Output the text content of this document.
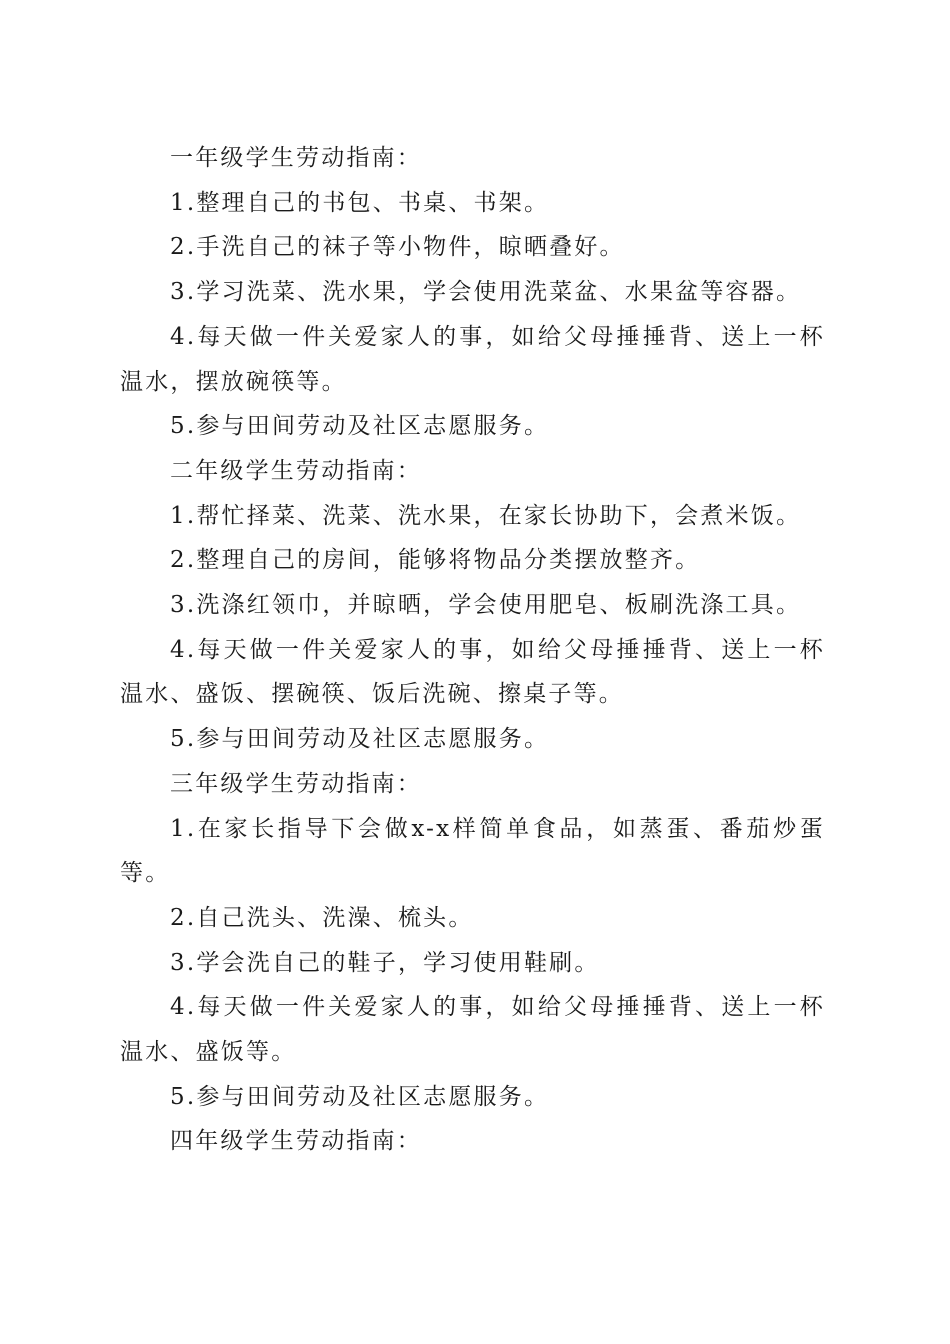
一年级学生劳动指南：

1.整理自己的书包、书桌、书架。

2.手洗自己的袜子等小物件，晾晒叠好。

3.学习洗菜、洗水果，学会使用洗菜盆、水果盆等容器。

4.每天做一件关爱家人的事，如给父母捶捶背、送上一杯温水，摆放碗筷等。

5.参与田间劳动及社区志愿服务。

二年级学生劳动指南：

1.帮忙择菜、洗菜、洗水果，在家长协助下，会煮米饭。

2.整理自己的房间，能够将物品分类摆放整齐。

3.洗涤红领巾，并晾晒，学会使用肥皂、板刷洗涤工具。

4.每天做一件关爱家人的事，如给父母捶捶背、送上一杯温水、盛饭、摆碗筷、饭后洗碗、擦桌子等。

5.参与田间劳动及社区志愿服务。

三年级学生劳动指南：

1.在家长指导下会做x-x样简单食品，如蒸蛋、番茄炒蛋等。

2.自己洗头、洗澡、梳头。

3.学会洗自己的鞋子，学习使用鞋刷。

4.每天做一件关爱家人的事，如给父母捶捶背、送上一杯温水、盛饭等。

5.参与田间劳动及社区志愿服务。

四年级学生劳动指南：
